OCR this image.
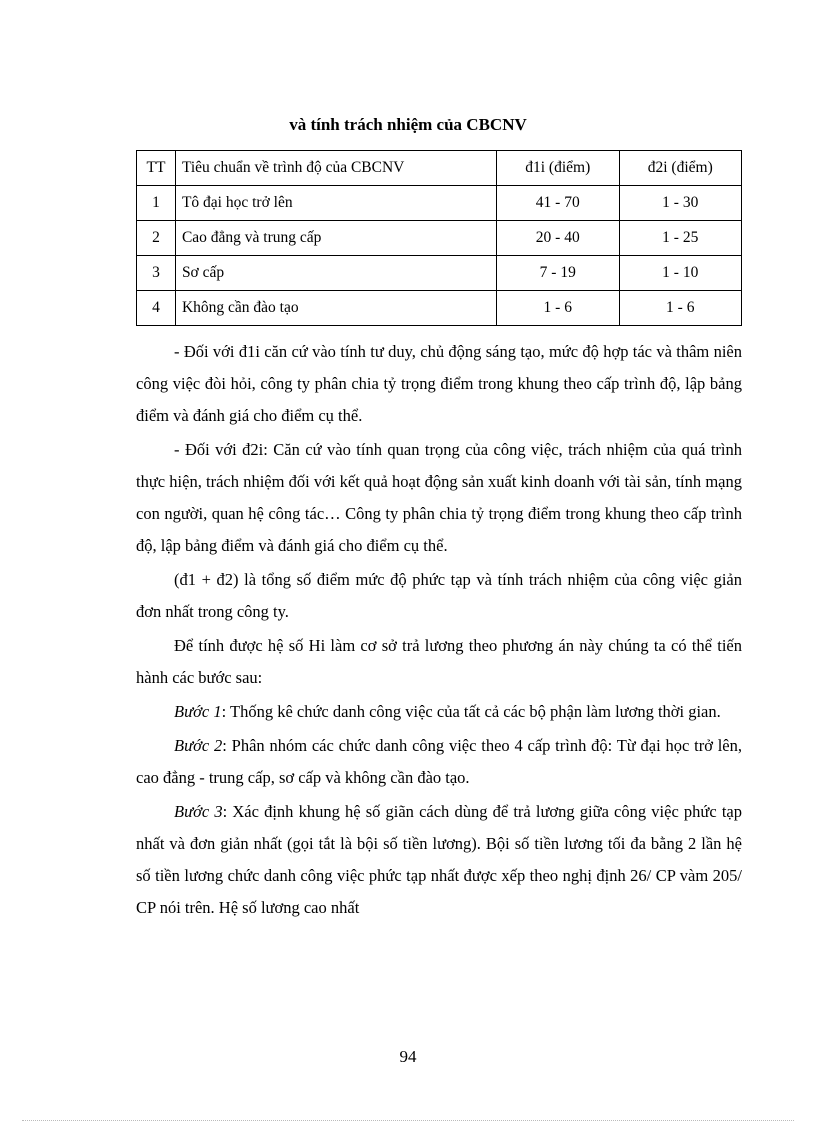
và tính trách nhiệm của CBCNV
TT	Tiêu chuẩn về trình độ của CBCNV	đ1i (điểm)	đ2i (điểm)
1	Tô đại học trở lên	41 - 70	1 - 30
2	Cao đẳng và trung cấp	20 - 40	1 - 25
3	Sơ cấp	7 - 19	1 - 10
4	Không cần đào tạo	1 - 6	1 - 6

- Đối với đ1i căn cứ vào tính tư duy, chủ động sáng tạo, mức độ hợp tác và thâm niên công việc đòi hỏi, công ty phân chia tỷ trọng điểm trong khung theo cấp trình độ, lập bảng điểm và đánh giá cho điểm cụ thể.

- Đối với đ2i: Căn cứ vào tính quan trọng của công việc, trách nhiệm của quá trình thực hiện, trách nhiệm đối với kết quả hoạt động sản xuất kinh doanh với tài sản, tính mạng con người, quan hệ công tác… Công ty phân chia tỷ trọng điểm trong khung theo cấp trình độ, lập bảng điểm và đánh giá cho điểm cụ thể.

(đ1 + đ2) là tổng số điểm mức độ phức tạp và tính trách nhiệm của công việc giản đơn nhất trong công ty.

Để tính được hệ số Hi làm cơ sở trả lương theo phương án này chúng ta có thể tiến hành các bước sau:

Bước 1: Thống kê chức danh công việc của tất cả các bộ phận làm lương thời gian.

Bước 2: Phân nhóm các chức danh công việc theo 4 cấp trình độ: Từ đại học trở lên, cao đẳng - trung cấp, sơ cấp và không cần đào tạo.

Bước 3: Xác định khung hệ số giãn cách dùng để trả lương giữa công việc phức tạp nhất và đơn giản nhất (gọi tắt là bội số tiền lương). Bội số tiền lương tối đa bằng 2 lần hệ số tiền lương chức danh công việc phức tạp nhất được xếp theo nghị định 26/ CP vàm 205/ CP nói trên. Hệ số lương cao nhất

94
